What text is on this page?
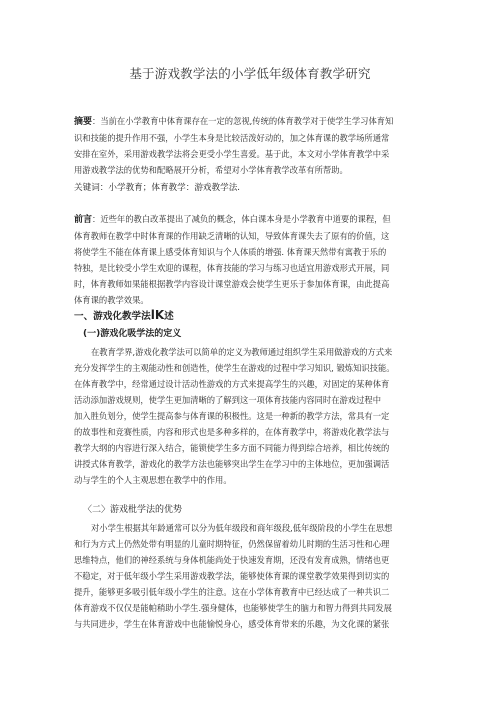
基于游戏教学法的小学低年级体育教学研究
摘要：当前在小学教育中体育课存在一定的忽视,传统的体育教学对于使学生学习体育知
识和技能的提升作用不强，小学生本身是比较活泼好动的，加之体育课的教学场所通常
安排在室外，采用游戏教学法将会更受小学生喜爱。基于此，本文对小学体育教学中采
用游戏教学法的优势和配略展开分析，希望对小学体育教学改革有所帮助。
关键词：小学教育；体育教学：游戏教学法.
前言：近些年的教白改革提出了减负的概念，体白课本身是小学教育中道要的课程，但
体育教师在教学中时体育课的作用缺乏清晰的认知，导致体育课失去了原有的价值，这
将使学生不能在体育课上感受体育知识与个人体质的增强. 体育课天然带有寓教于乐的
特独，是比较受小学生欢迎的课程，体育技能的学习与练习也适宜用游戏形式开展，同
时，体育教师如果能根据教学内容设计课堂游戏会使学生更乐于参加体育课，由此提高
体育课的教学效果。
一、游戏化教学法lK述
(一)游戏化吸学法的定义
在教育学界,游戏化教学法可以简单的定义为教师通过组织学生采用做游戏的方式来
充分发挥学生的主观能动性和创造性，使学生在游戏的过程中学习知识, 锻炼知识技能。
在体育教学中，经常通过设计活动性游戏的方式来提高学生的兴趣，对固定的某种体育
活动添加游戏规则，使学生更加清晰的了解到这一项体育技能内容同时在游戏过程中
加入胜负划分，使学生提高参与体育课的积极性。这是一种新的教学方法，常具有一定
的故事性和竞赛性质，内容和形式也是多种多样的，在体育教学中，将游戏化教学法与
教学大纲的内容进行深入结合，能锁使学生多方面不同能力得到综合培养，相比传统的
讲授式体育教学，游戏化的教学方法也能够突出学生在学习中的主体地位，更加强调活
动与学生的个人主观思想在教学中的作用。
〈二〉游戏枇学法的优势
对小学生根据其年龄通常可以分为低年级段和商年级段,低年级阶段的小学生在思想
和行为方式上仍然处带有明显的儿童时期特征，仍然保留着幼儿时期的生活习性和心理
思维特点，他们的神经系统与身体机能尚处于快速发育期，还没有发育成熟，情绪也更
不稳定，对于低年级小学生采用游戏教学法，能够使体育课的课堂教学效果得到切实的
提升，能够更多吸引低年级小学生的注意。这在小学体育教育中已经达成了一种共识二
体育游戏不仅仅是能帕稍助小学生.强身健体，也能够使学生的脑力和智力得到共同发展
与共同进步，学生在体育游戏中也能愉悦身心，感受体育带来的乐趣，为文化课的紧张
